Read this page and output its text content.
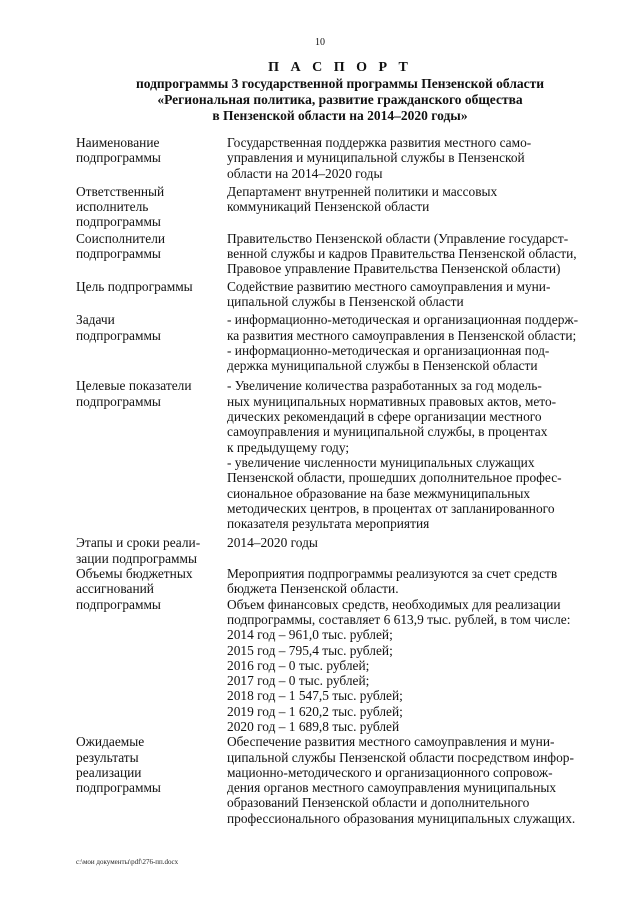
10
П А С П О Р Т
подпрограммы 3 государственной программы Пензенской области
«Региональная политика, развитие гражданского общества
в Пензенской области на 2014–2020 годы»
Наименование
подпрограммы
Государственная поддержка развития местного само-
управления и муниципальной службы в Пензенской
области на 2014–2020 годы
Ответственный
исполнитель
подпрограммы
Департамент внутренней политики и массовых
коммуникаций Пензенской области
Соисполнители
подпрограммы
Правительство Пензенской области (Управление государст-
венной службы и кадров Правительства Пензенской области,
Правовое управление Правительства Пензенской области)
Цель подпрограммы	Содействие развитию местного самоуправления и муни-
ципальной службы в Пензенской области
Задачи
подпрограммы
- информационно-методическая и организационная поддерж-
ка развития местного самоуправления в Пензенской области;
- информационно-методическая и организационная под-
держка муниципальной службы в Пензенской области
Целевые показатели
подпрограммы
- Увеличение количества разработанных за год модель-
ных муниципальных нормативных правовых актов, мето-
дических рекомендаций в сфере организации местного
самоуправления и муниципальной службы, в процентах
к предыдущему году;
- увеличение численности муниципальных служащих
Пензенской области, прошедших дополнительное профес-
сиональное образование на базе межмуниципальных
методических центров, в процентах от запланированного
показателя результата мероприятия
Этапы и сроки реали-
зации подпрограммы
2014–2020 годы
Объемы бюджетных
ассигнований
подпрограммы
Мероприятия подпрограммы реализуются за счет средств
бюджета Пензенской области.
Объем финансовых средств, необходимых для реализации
подпрограммы, составляет 6 613,9 тыс. рублей, в том числе:
2014 год – 961,0 тыс. рублей;
2015 год – 795,4 тыс. рублей;
2016 год – 0 тыс. рублей;
2017 год – 0 тыс. рублей;
2018 год – 1 547,5 тыс. рублей;
2019 год – 1 620,2 тыс. рублей;
2020 год – 1 689,8 тыс. рублей
Ожидаемые
результаты
реализации
подпрограммы
Обеспечение развития местного самоуправления и муни-
ципальной службы Пензенской области посредством инфор-
мационно-методического и организационного сопровож-
дения органов местного самоуправления муниципальных
образований Пензенской области и дополнительного
профессионального образования муниципальных служащих.
c:\мои документы\pdf\276-пп.docx
